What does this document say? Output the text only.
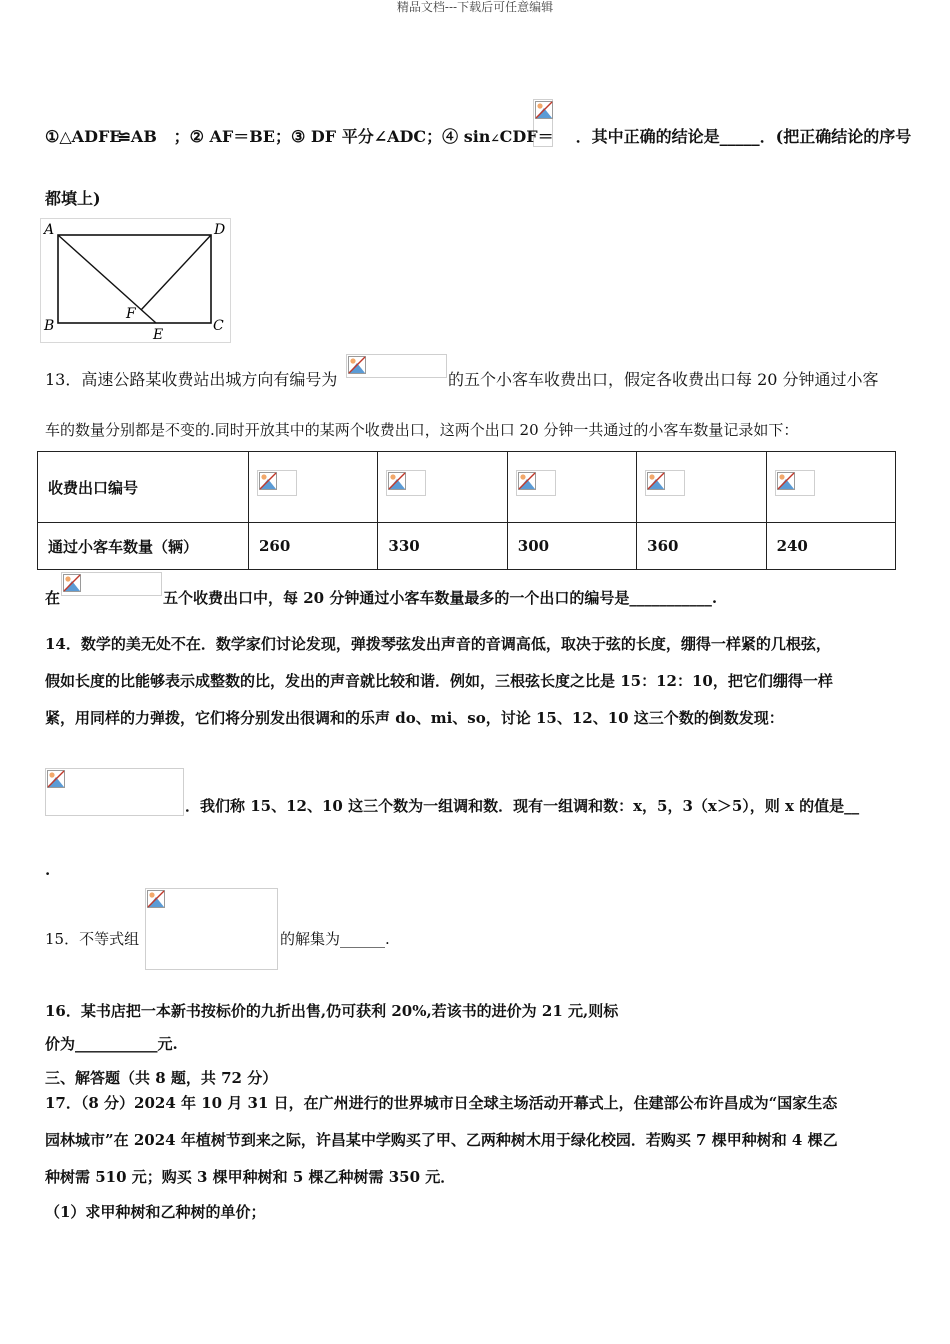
精品文档---下载后可任意编辑
①△ADFE≌AB ；② AF＝BE；③ DF 平分∠ADC；④ sin∠CDF＝ ．其中正确的结论是_____．(把正确结论的序号
都填上)
A	D
B
F
E
C
13．高速公路某收费站出城方向有编号为	的五个小客车收费出口，假定各收费出口每 20 分钟通过小客
车的数量分别都是不变的.同时开放其中的某两个收费出口，这两个出口 20 分钟一共通过的小客车数量记录如下：
收费出口编号	

通过小客车数量（辆）	260	330	300	360	240
在	五个收费出口中，每 20 分钟通过小客车数量最多的一个出口的编号是___________.
14．数学的美无处不在．数学家们讨论发现，弹拨琴弦发出声音的音调高低，取决于弦的长度，绷得一样紧的几根弦，
假如长度的比能够表示成整数的比，发出的声音就比较和谐．例如，三根弦长度之比是 15：12：10，把它们绷得一样
紧，用同样的力弹拨，它们将分别发出很调和的乐声 do、mi、so，讨论 15、12、10 这三个数的倒数发现：
．我们称 15、12、10 这三个数为一组调和数．现有一组调和数：x，5，3（x＞5），则 x 的值是__
.
15．不等式组	的解集为______.
16．某书店把一本新书按标价的九折出售,仍可获利 20%,若该书的进价为 21 元,则标
价为___________元.
三、解答题（共 8 题，共 72 分）
17．（8 分）2024 年 10 月 31 日，在广州进行的世界城市日全球主场活动开幕式上，住建部公布许昌成为“国家生态
园林城市”在 2024 年植树节到来之际，许昌某中学购买了甲、乙两种树木用于绿化校园．若购买 7 棵甲种树和 4 棵乙
种树需 510 元；购买 3 棵甲种树和 5 棵乙种树需 350 元．
（1）求甲种树和乙种树的单价；
